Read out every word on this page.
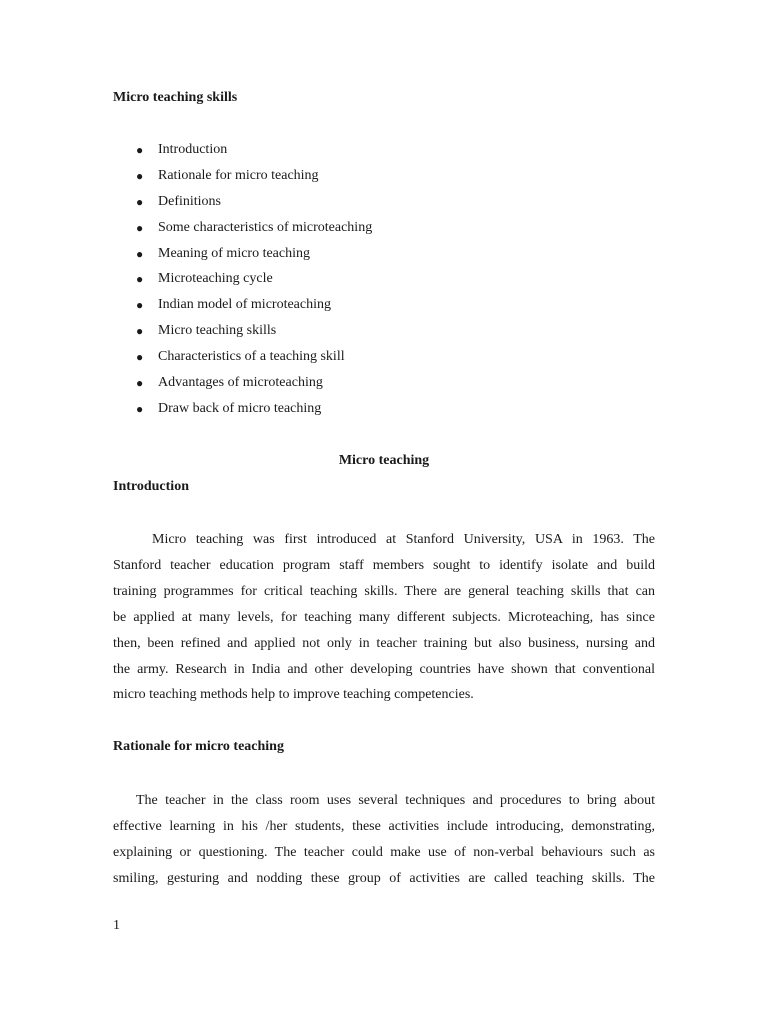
Micro teaching skills

●	Introduction
●	Rationale for micro teaching
●	Definitions
●	Some characteristics of microteaching
●	Meaning of micro teaching
●	Microteaching cycle
●	Indian model of microteaching
●	Micro teaching skills
●	Characteristics of a teaching skill
●	Advantages of microteaching
●	Draw back of micro teaching

Micro teaching

Introduction

Micro teaching was first introduced at Stanford University, USA in 1963. The
Stanford teacher education program staff members sought to identify isolate and build
training programmes for critical teaching skills. There are general teaching skills that can
be applied at many levels, for teaching many different subjects. Microteaching, has since
then, been refined and applied not only in teacher training but also business, nursing and
the army. Research in India and other developing countries have shown that conventional
micro teaching methods help to improve teaching competencies.

Rationale for micro teaching

The teacher in the class room uses several techniques and procedures to bring about
effective learning in his /her students, these activities include introducing, demonstrating,
explaining or questioning. The teacher could make use of non-verbal behaviours such as
smiling, gesturing and nodding these group of activities are called teaching skills. The

1
